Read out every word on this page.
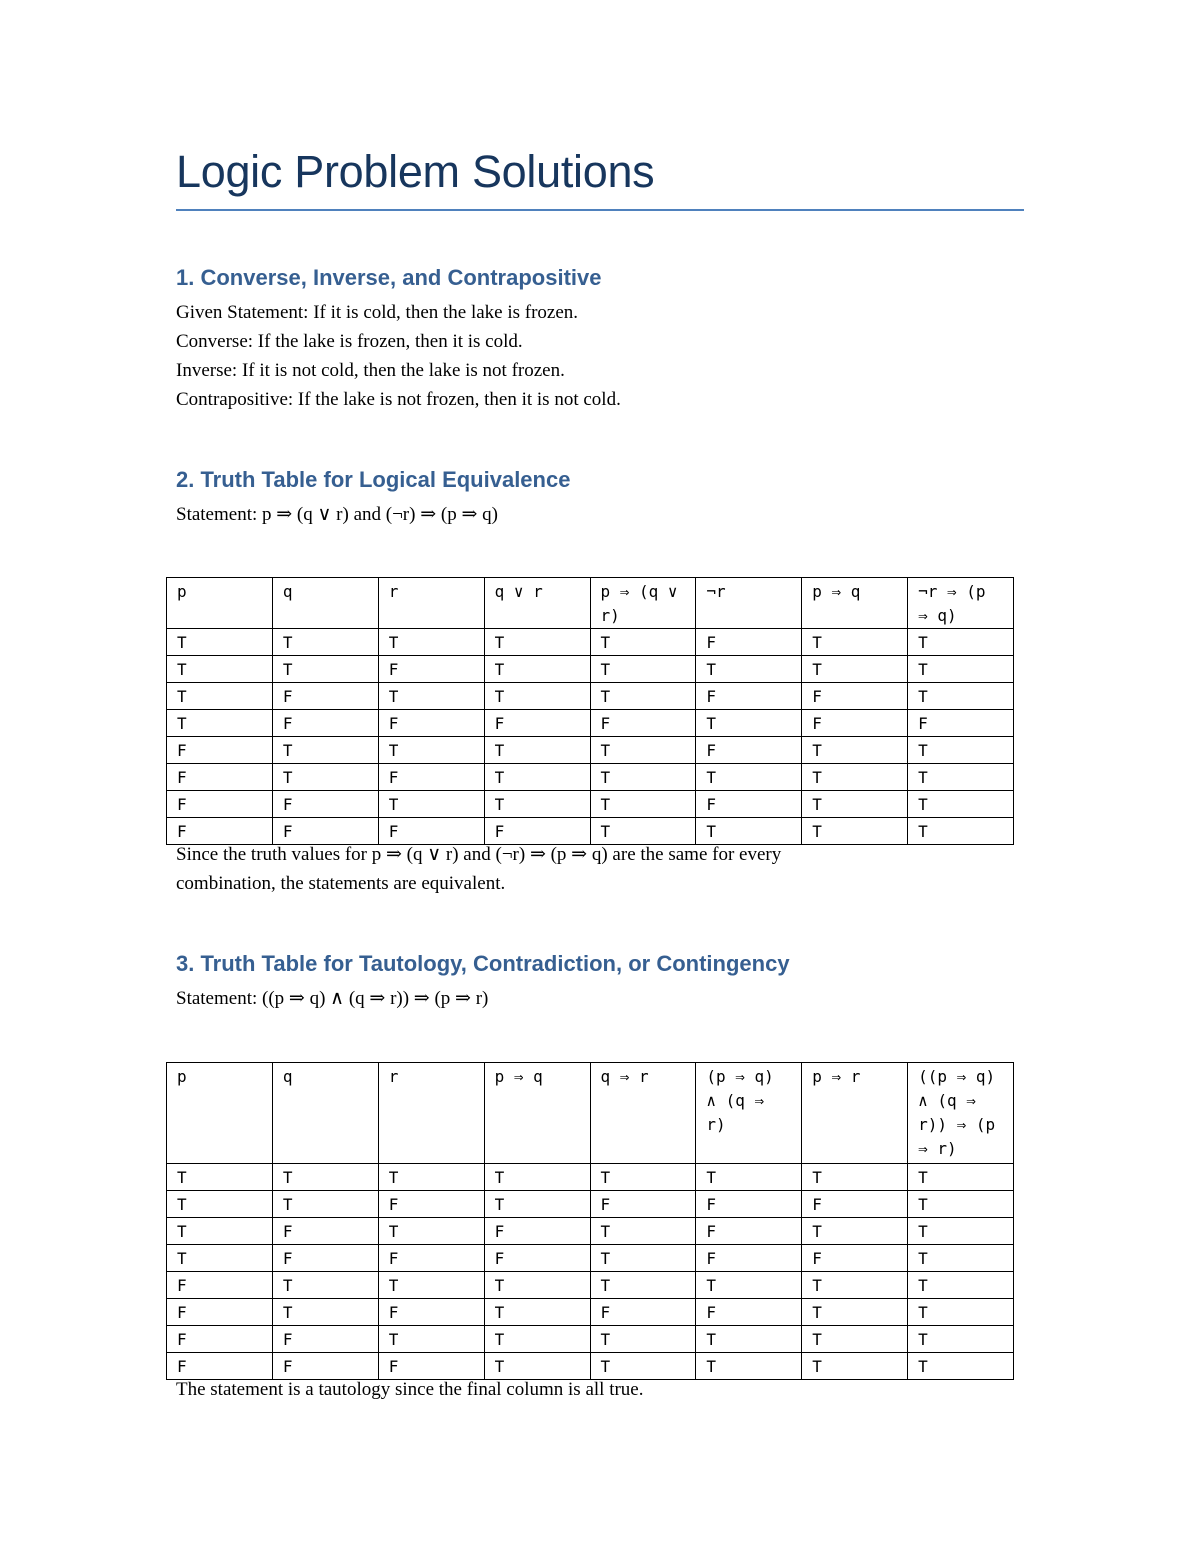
Logic Problem Solutions
1. Converse, Inverse, and Contrapositive
Given Statement: If it is cold, then the lake is frozen.
Converse: If the lake is frozen, then it is cold.
Inverse: If it is not cold, then the lake is not frozen.
Contrapositive: If the lake is not frozen, then it is not cold.
2. Truth Table for Logical Equivalence
Statement: p ⇒ (q ∨ r) and (¬r) ⇒ (p ⇒ q)
p	q	r	q ∨ r	p ⇒ (q ∨ r)	¬r	p ⇒ q	¬r ⇒ (p ⇒ q)
T	T	T	T	T	F	T	T
T	T	F	T	T	T	T	T
T	F	T	T	T	F	F	T
T	F	F	F	F	T	F	F
F	T	T	T	T	F	T	T
F	T	F	T	T	T	T	T
F	F	T	T	T	F	T	T
F	F	F	F	T	T	T	T
Since the truth values for p ⇒ (q ∨ r) and (¬r) ⇒ (p ⇒ q) are the same for every
combination, the statements are equivalent.
3. Truth Table for Tautology, Contradiction, or Contingency
Statement: ((p ⇒ q) ∧ (q ⇒ r)) ⇒ (p ⇒ r)
p	q	r	p ⇒ q	q ⇒ r	(p ⇒ q) ∧ (q ⇒ r)	p ⇒ r	((p ⇒ q) ∧ (q ⇒ r)) ⇒ (p ⇒ r)
T	T	T	T	T	T	T	T
T	T	F	T	F	F	F	T
T	F	T	F	T	F	T	T
T	F	F	F	T	F	F	T
F	T	T	T	T	T	T	T
F	T	F	T	F	F	T	T
F	F	T	T	T	T	T	T
F	F	F	T	T	T	T	T
The statement is a tautology since the final column is all true.
